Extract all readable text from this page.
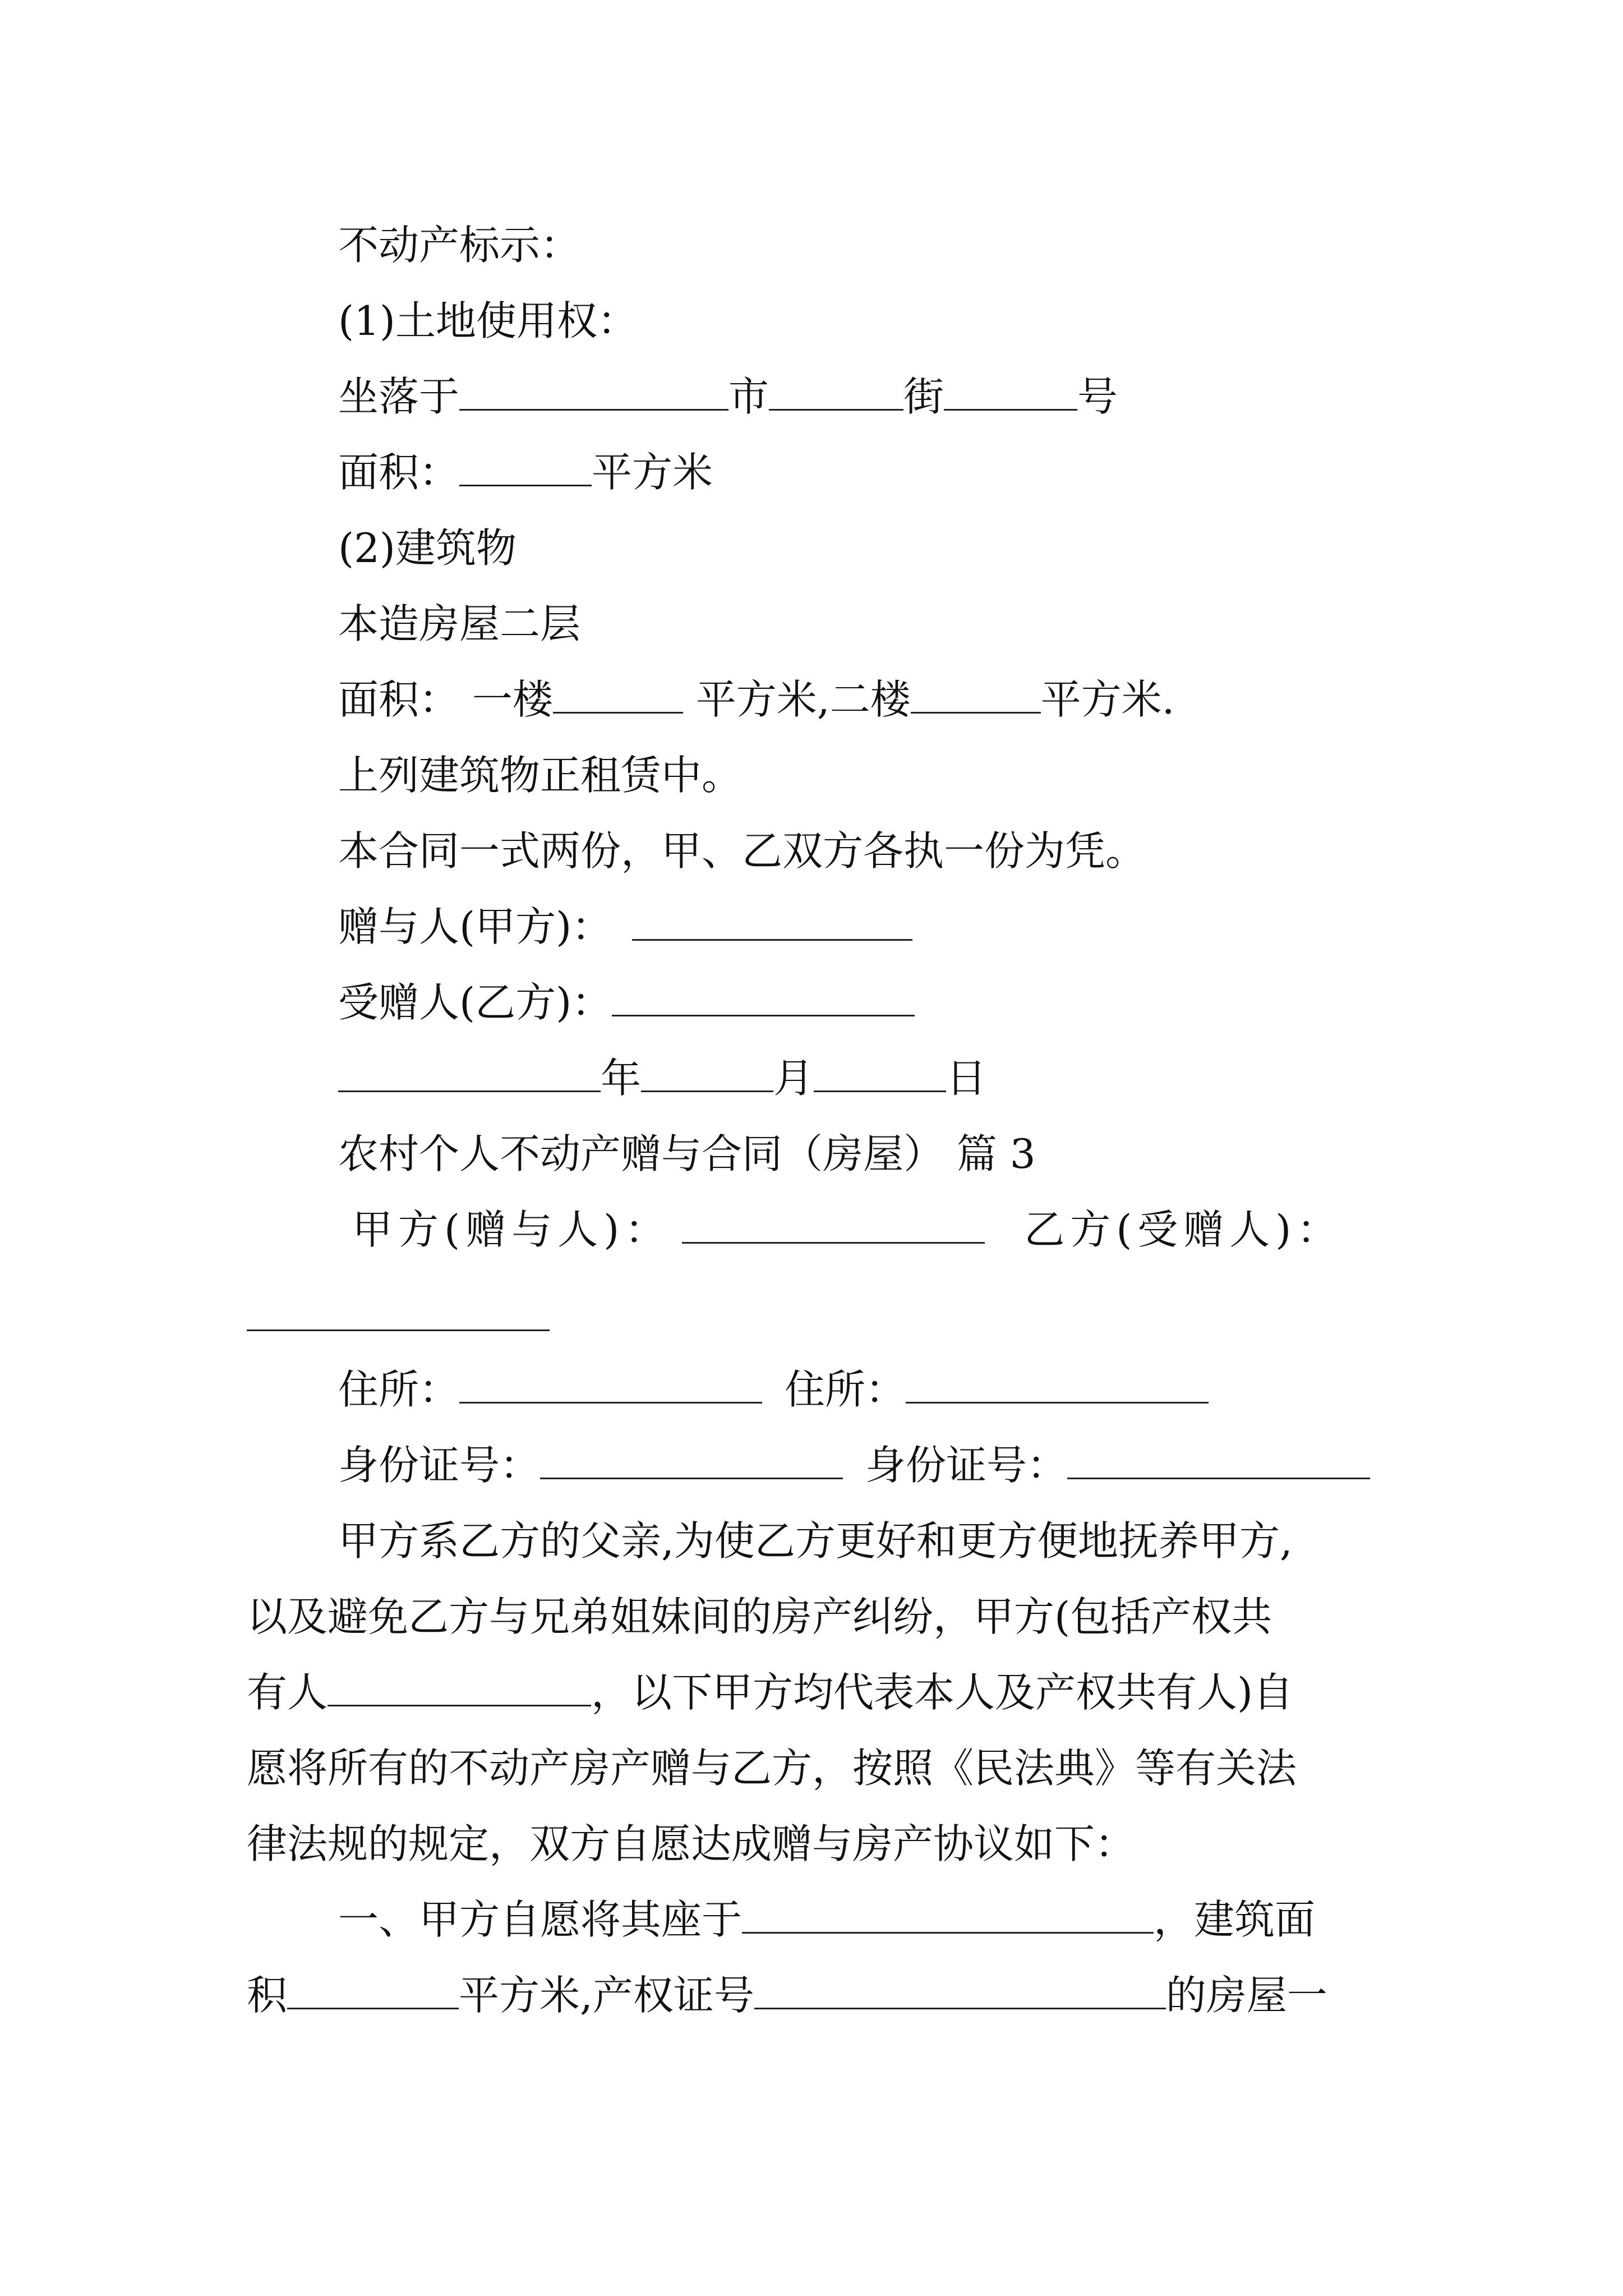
不动产标示：
(1)土地使用权：
坐落于	市	街	号
面积：	平方米
(2)建筑物
本造房屋二层
面积： 一楼	平方米,二楼	平方米.
上列建筑物正租赁中。
本合同一式两份，甲、乙双方各执一份为凭。
赠与人(甲方)：
受赠人(乙方)：
年	月	日
农村个人不动产赠与合同（房屋） 篇 3
甲方(赠与人)：	乙方(受赠人)：
住所：	住所：
身份证号：	身份证号：
甲方系乙方的父亲,为使乙方更好和更方便地抚养甲方,
以及避免乙方与兄弟姐妹间的房产纠纷，甲方(包括产权共
有人	，以下甲方均代表本人及产权共有人)自
愿将所有的不动产房产赠与乙方，按照《民法典》等有关法
律法规的规定，双方自愿达成赠与房产协议如下：
一、甲方自愿将其座于	，建筑面
积	平方米,产权证号	的房屋一
